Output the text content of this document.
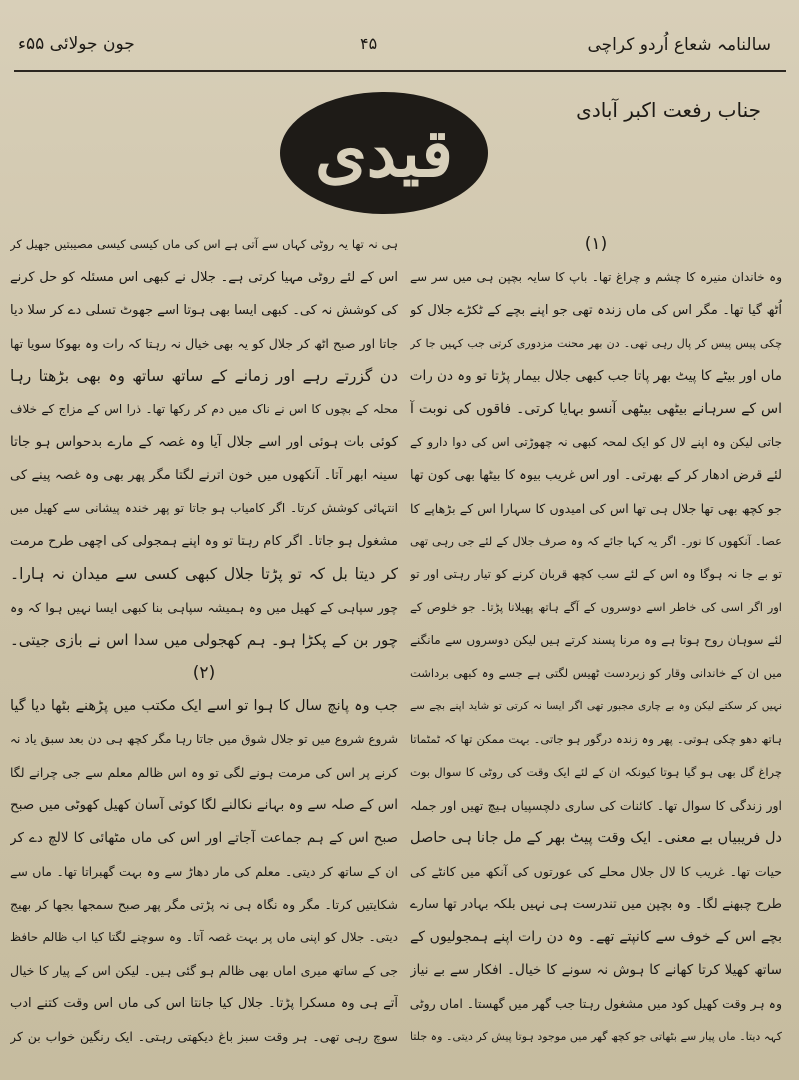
سالنامہ شعاع اُردو کراچی
۴۵
جون جولائی ۵۵ء
قیدی
جناب رفعت اکبر آبادی
(۱)
وہ خاندان منیرہ کا چشم و چراغ تھا۔ باپ کا سایہ بچپن ہی میں سر سے
اُٹھ گیا تھا۔ مگر اس کی ماں زندہ تھی جو اپنے بچے کے ٹکڑے جلال کو
چکی پیس پیس کر پال رہی تھی۔ دن بھر محنت مزدوری کرتی جب کہیں جا کر
ماں اور بیٹے کا پیٹ بھر پاتا جب کبھی جلال بیمار پڑتا تو وہ دن رات
اس کے سرہانے بیٹھی بیٹھی آنسو بہایا کرتی۔ فاقوں کی نوبت آ
جاتی لیکن وہ اپنے لال کو ایک لمحہ کبھی نہ چھوڑتی اس کی دوا دارو کے
لئے قرض ادھار کر کے بھرتی۔ اور اس غریب بیوہ کا بیٹھا بھی کون تھا
جو کچھ بھی تھا جلال ہی تھا اس کی امیدوں کا سہارا اس کے بڑھاپے کا
عصا۔ آنکھوں کا نور۔ اگر یہ کہا جائے کہ وہ صرف جلال کے لئے جی رہی تھی
تو بے جا نہ ہوگا وہ اس کے لئے سب کچھ قربان کرنے کو تیار رہتی اور تو
اور اگر اسی کی خاطر اسے دوسروں کے آگے ہاتھ پھیلانا پڑتا۔ جو خلوص کے
لئے سوہان روح ہوتا ہے وہ مرنا پسند کرتے ہیں لیکن دوسروں سے مانگنے
میں ان کے خاندانی وقار کو زبردست ٹھیس لگتی ہے جسے وہ کبھی برداشت
نہیں کر سکتے لیکن وہ بے چاری مجبور تھی اگر ایسا نہ کرتی تو شاید اپنے بچے سے
ہاتھ دھو چکی ہوتی۔ پھر وہ زندہ درگور ہو جاتی۔ بہت ممکن تھا کہ ٹمٹماتا
چراغ گل بھی ہو گیا ہوتا کیونکہ ان کے لئے ایک وقت کی روٹی کا سوال بوت
اور زندگی کا سوال تھا۔ کائنات کی ساری دلچسپیاں ہیچ تھیں اور جملہ
دل فریبیاں بے معنی۔ ایک وقت پیٹ بھر کے مل جانا ہی حاصل
حیات تھا۔ غریب کا لال جلال محلے کی عورتوں کی آنکھ میں کانٹے کی
طرح چبھنے لگا۔ وہ بچپن میں تندرست ہی نہیں بلکہ بہادر تھا سارے
بچے اس کے خوف سے کانپتے تھے۔ وہ دن رات اپنے ہمجولیوں کے
ساتھ کھیلا کرتا کھانے کا ہوش نہ سونے کا خیال۔ افکار سے بے نیاز
وہ ہر وقت کھیل کود میں مشغول رہتا جب گھر میں گھستا۔ اماں روٹی
کہہ دیتا۔ ماں پیار سے بٹھاتی جو کچھ گھر میں موجود ہوتا پیش کر دیتی۔ وہ جلتا
ہی نہ تھا یہ روٹی کہاں سے آتی ہے اس کی ماں کیسی کیسی مصیبتیں جھیل کر
اس کے لئے روٹی مہیا کرتی ہے۔ جلال نے کبھی اس مسئلہ کو حل کرنے
کی کوشش نہ کی۔ کبھی ایسا بھی ہوتا اسے جھوٹ تسلی دے کر سلا دیا
جاتا اور صبح اٹھ کر جلال کو یہ بھی خیال نہ رہتا کہ رات وہ بھوکا سویا تھا
دن گزرتے رہے اور زمانے کے ساتھ ساتھ وہ بھی بڑھتا رہا
محلہ کے بچوں کا اس نے ناک میں دم کر رکھا تھا۔ ذرا اس کے مزاج کے خلاف
کوئی بات ہوئی اور اسے جلال آیا وہ غصہ کے مارے بدحواس ہو جاتا
سینہ ابھر آتا۔ آنکھوں میں خون اترنے لگتا مگر پھر بھی وہ غصہ پینے کی
انتہائی کوشش کرتا۔ اگر کامیاب ہو جاتا تو پھر خندہ پیشانی سے کھیل میں
مشغول ہو جاتا۔ اگر کام رہتا تو وہ اپنے ہمجولی کی اچھی طرح مرمت
کر دیتا بل کہ تو پڑتا جلال کبھی کسی سے میدان نہ ہارا۔
چور سپاہی کے کھیل میں وہ ہمیشہ سپاہی بنا کبھی ایسا نہیں ہوا کہ وہ
چور بن کے پکڑا ہو۔ ہم کھجولی میں سدا اس نے بازی جیتی۔
(۲)
جب وہ پانچ سال کا ہوا تو اسے ایک مکتب میں پڑھنے بٹھا دیا گیا
شروع شروع میں تو جلال شوق میں جاتا رہا مگر کچھ ہی دن بعد سبق یاد نہ
کرنے پر اس کی مرمت ہونے لگی تو وہ اس ظالم معلم سے جی چرانے لگا
اس کے صلہ سے وہ بہانے نکالنے لگا کوئی آسان کھیل کھوٹی میں صبح
صبح اس کے ہم جماعت آجاتے اور اس کی ماں مٹھائی کا لالچ دے کر
ان کے ساتھ کر دیتی۔ معلم کی مار دھاڑ سے وہ بہت گھبراتا تھا۔ ماں سے
شکایتیں کرتا۔ مگر وہ نگاہ ہی نہ پڑتی مگر پھر صبح سمجھا بجھا کر بھیج
دیتی۔ جلال کو اپنی ماں پر بہت غصہ آتا۔ وہ سوچنے لگتا کیا اب ظالم حافظ
جی کے ساتھ میری اماں بھی ظالم ہو گئی ہیں۔ لیکن اس کے پیار کا خیال
آتے ہی وہ مسکرا پڑتا۔ جلال کیا جانتا اس کی ماں اس وقت کتنے ادب
سوچ رہی تھی۔ ہر وقت سبز باغ دیکھتی رہتی۔ ایک رنگین خواب بن کر
